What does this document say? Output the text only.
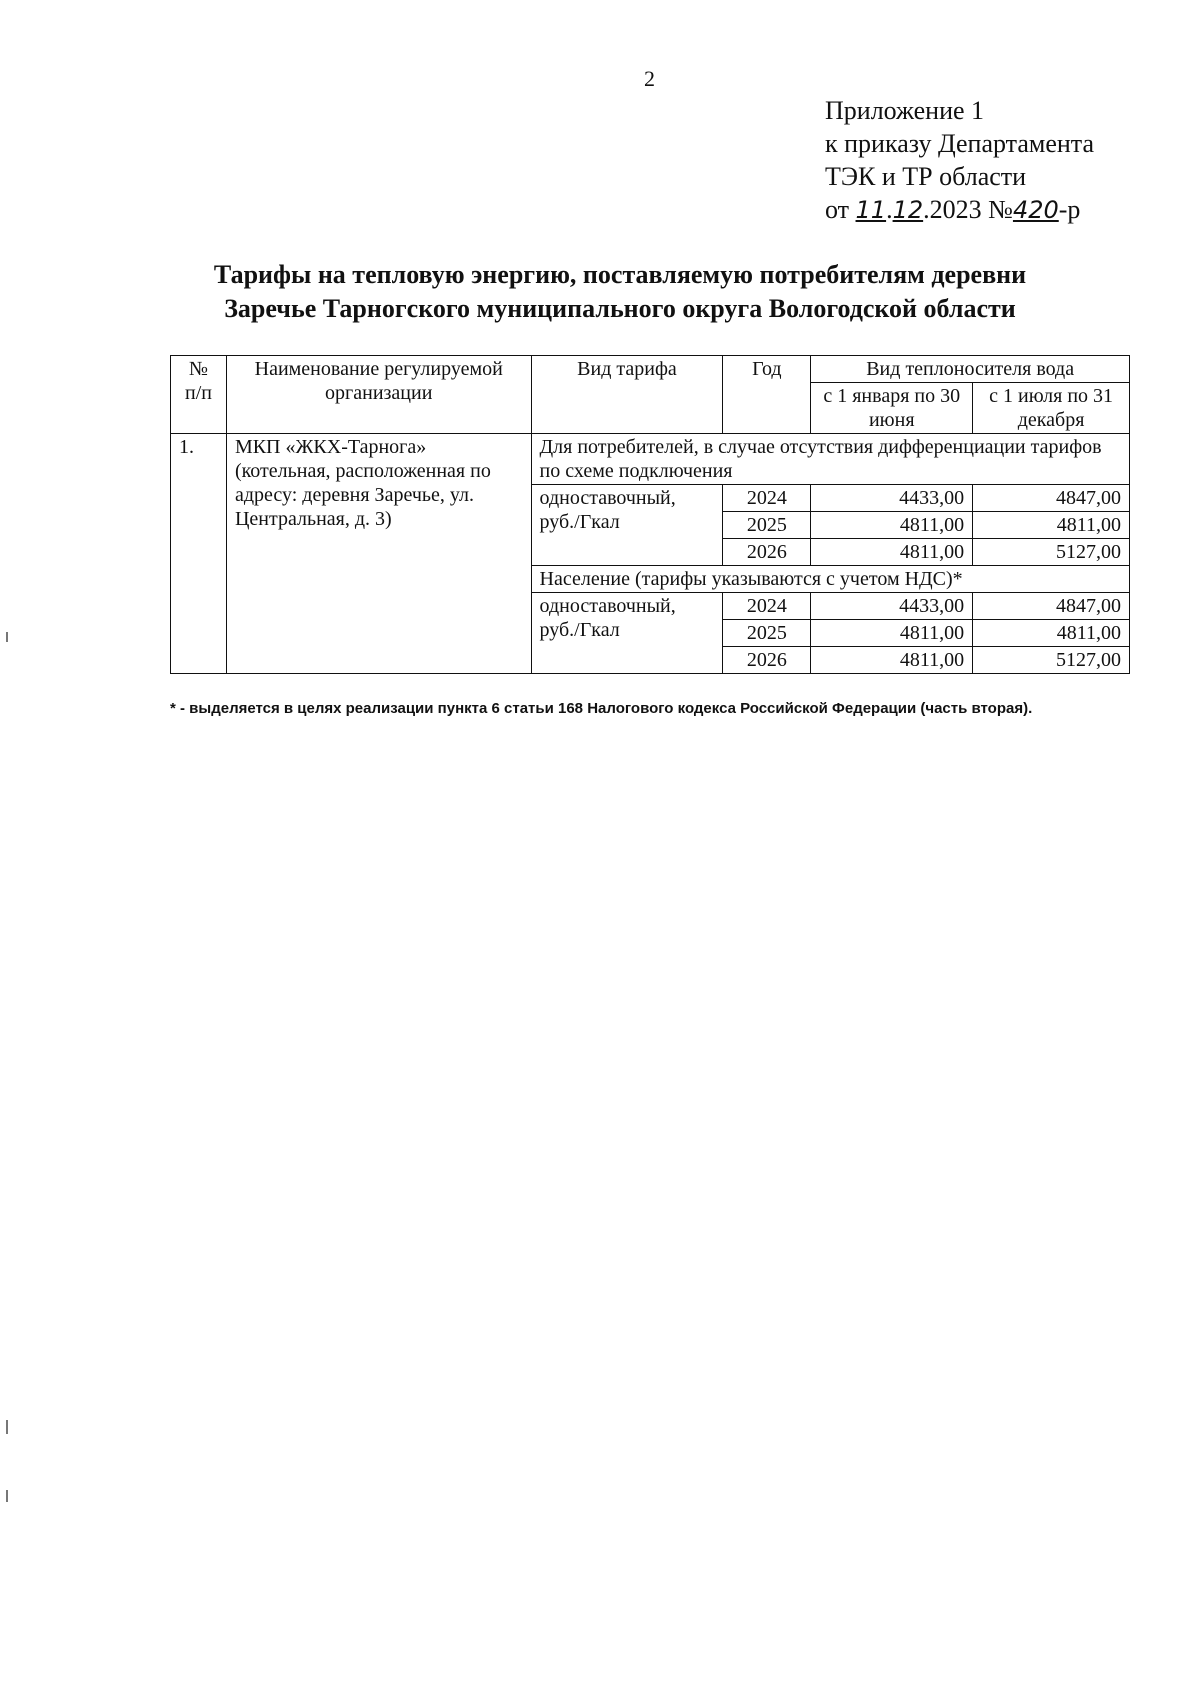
2
Приложение 1
к приказу Департамента
ТЭК и ТР области
от 11.12.2023 №420-р
Тарифы на тепловую энергию, поставляемую потребителям деревни
Заречье Тарногского муниципального округа Вологодской области
№ п/п	Наименование регулируемой организации	Вид тарифа	Год	Вид теплоносителя вода	
				с 1 января по 30 июня	с 1 июля по 31 декабря
1.	МКП «ЖКХ-Тарнога» (котельная, расположенная по адресу: деревня Заречье, ул. Центральная, д. 3)	Для потребителей, в случае отсутствия дифференциации тарифов по схеме подключения			
		одноставочный, руб./Гкал	2024	4433,00	4847,00
			2025	4811,00	4811,00
			2026	4811,00	5127,00
		Население (тарифы указываются с учетом НДС)*			
		одноставочный, руб./Гкал	2024	4433,00	4847,00
			2025	4811,00	4811,00
			2026	4811,00	5127,00
* - выделяется в целях реализации пункта 6 статьи 168 Налогового кодекса Российской Федерации (часть вторая).
